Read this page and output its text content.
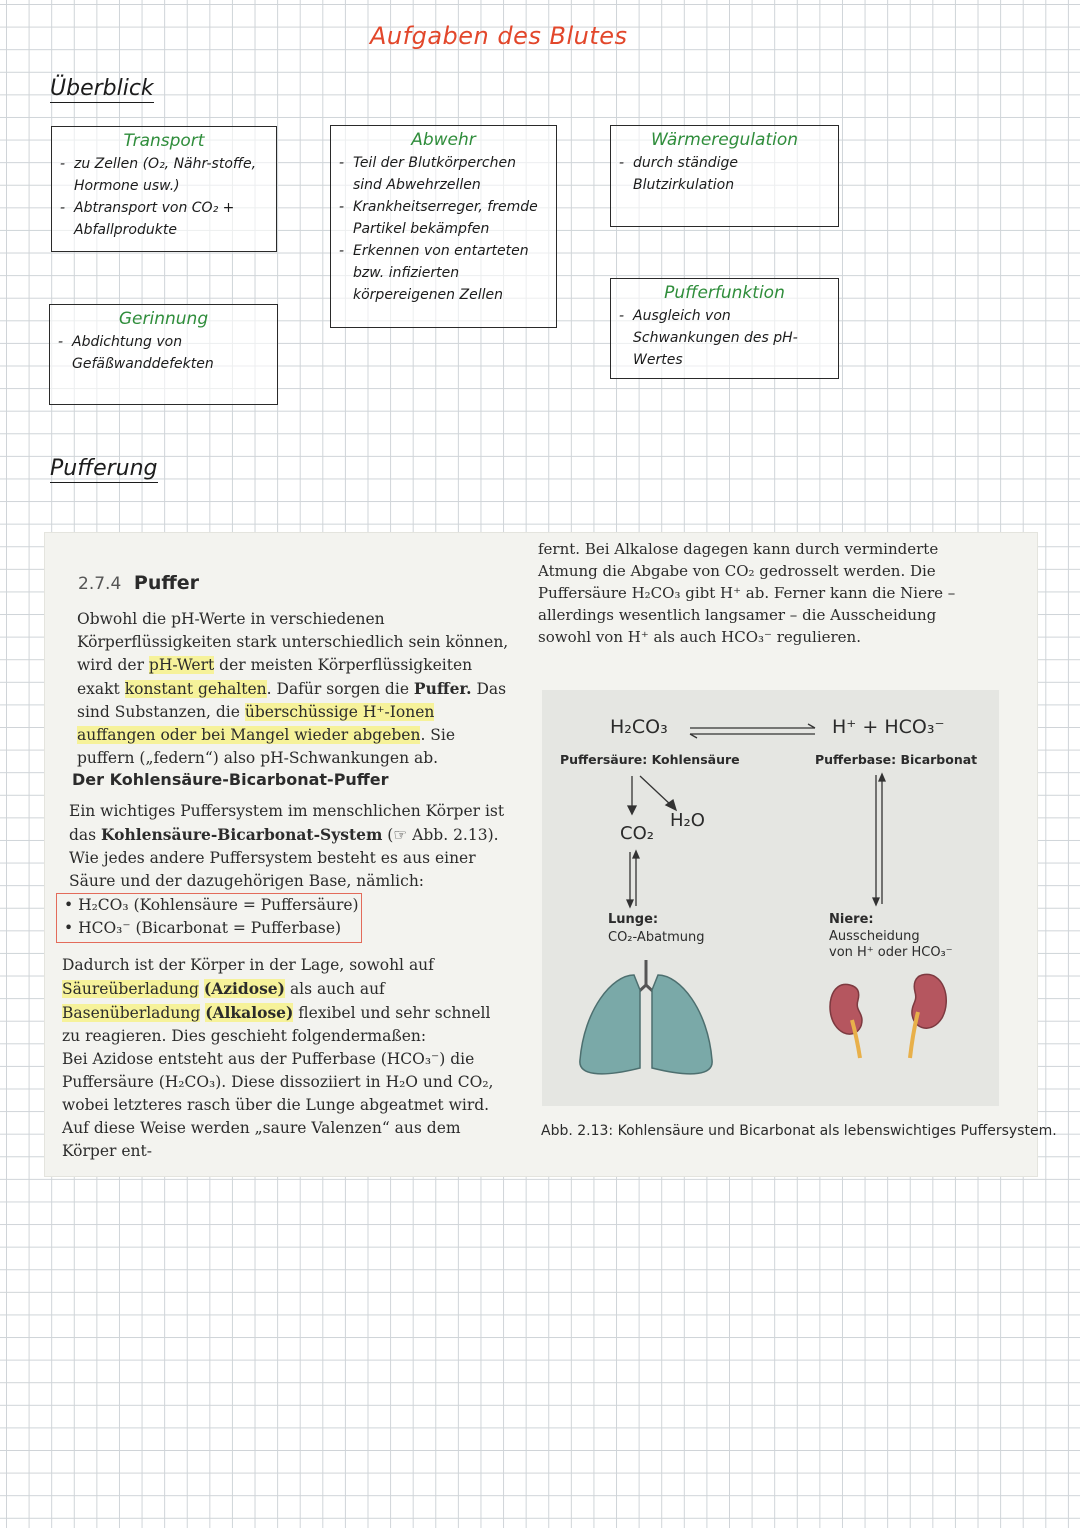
Aufgaben des Blutes
Überblick
Transport
- zu Zellen (O₂, Nähr-stoffe, Hormone usw.)
- Abtransport von CO₂ + Abfallprodukte
Abwehr
- Teil der Blutkörperchen sind Abwehrzellen
- Krankheitserreger, fremde Partikel bekämpfen
- Erkennen von entarteten bzw. infizierten körpereigenen Zellen
Wärmeregulation
- durch ständige Blutzirkulation
Gerinnung
- Abdichtung von Gefäßwanddefekten
Pufferfunktion
- Ausgleich von Schwankungen des pH-Wertes
Pufferung
2.7.4 Puffer

Obwohl die pH-Werte in verschiedenen Körperflüssigkeiten stark unterschiedlich sein können, wird der pH-Wert der meisten Körperflüssigkeiten exakt konstant gehalten. Dafür sorgen die Puffer. Das sind Substanzen, die überschüssige H⁺-Ionen auffangen oder bei Mangel wieder abgeben. Sie puffern („federn“) also pH-Schwankungen ab.

Der Kohlensäure-Bicarbonat-Puffer

Ein wichtiges Puffersystem im menschlichen Körper ist das Kohlensäure-Bicarbonat-System (☞ Abb. 2.13). Wie jedes andere Puffersystem besteht es aus einer Säure und der dazugehörigen Base, nämlich:

• H₂CO₃ (Kohlensäure = Puffersäure)
• HCO₃⁻ (Bicarbonat = Pufferbase)

Dadurch ist der Körper in der Lage, sowohl auf Säureüberladung (Azidose) als auch auf Basenüberladung (Alkalose) flexibel und sehr schnell zu reagieren. Dies geschieht folgendermaßen:

Bei Azidose entsteht aus der Pufferbase (HCO₃⁻) die Puffersäure (H₂CO₃). Diese dissoziiert in H₂O und CO₂, wobei letzteres rasch über die Lunge abgeatmet wird. Auf diese Weise werden „saure Valenzen“ aus dem Körper ent-

fernt. Bei Alkalose dagegen kann durch verminderte Atmung die Abgabe von CO₂ gedrosselt werden. Die Puffersäure H₂CO₃ gibt H⁺ ab. Ferner kann die Niere – allerdings wesentlich langsamer – die Ausscheidung sowohl von H⁺ als auch HCO₃⁻ regulieren.
H₂CO₃
Puffersäure: Kohlensäure
H⁺ + HCO₃⁻
Pufferbase: Bicarbonat
CO₂
H₂O
Lunge:
CO₂-Abatmung
Niere:
Ausscheidung
von H⁺ oder HCO₃⁻
Abb. 2.13: Kohlensäure und Bicarbonat als lebenswichtiges Puffersystem.
